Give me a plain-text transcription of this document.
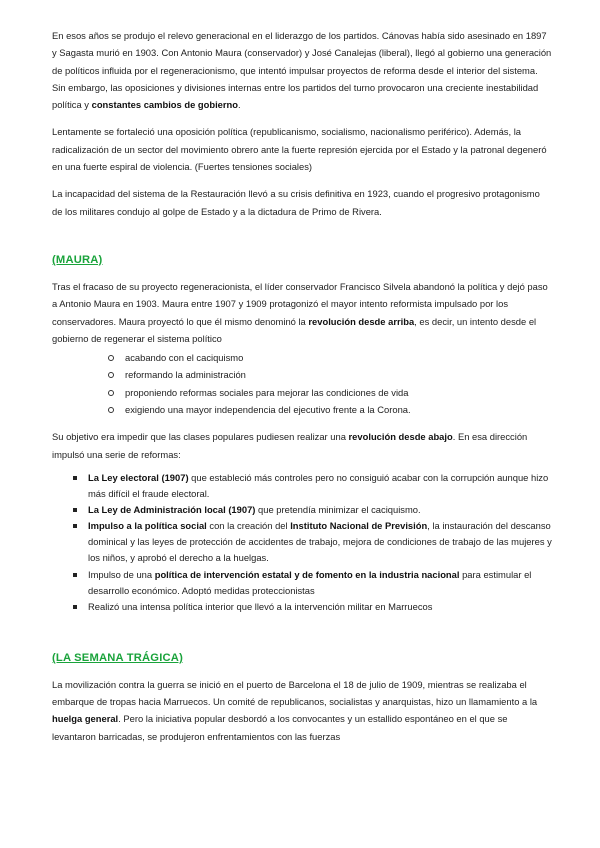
En esos años se produjo el relevo generacional en el liderazgo de los partidos. Cánovas había sido asesinado en 1897 y Sagasta murió en 1903. Con Antonio Maura (conservador) y José Canalejas (liberal), llegó al gobierno una generación de políticos influida por el regeneracionismo, que intentó impulsar proyectos de reforma desde el interior del sistema. Sin embargo, las oposiciones y divisiones internas entre los partidos del turno provocaron una creciente inestabilidad política y constantes cambios de gobierno.

Lentamente se fortaleció una oposición política (republicanismo, socialismo, nacionalismo periférico). Además, la radicalización de un sector del movimiento obrero ante la fuerte represión ejercida por el Estado y la patronal degeneró en una fuerte espiral de violencia. (Fuertes tensiones sociales)

La incapacidad del sistema de la Restauración llevó a su crisis definitiva en 1923, cuando el progresivo protagonismo de los militares condujo al golpe de Estado y a la dictadura de Primo de Rivera.

(MAURA)

Tras el fracaso de su proyecto regeneracionista, el líder conservador Francisco Silvela abandonó la política y dejó paso a Antonio Maura en 1903. Maura entre 1907 y 1909 protagonizó el mayor intento reformista impulsado por los conservadores. Maura proyectó lo que él mismo denominó la revolución desde arriba, es decir, un intento desde el gobierno de regenerar el sistema político

acabando con el caciquismo
reformando la administración
proponiendo reformas sociales para mejorar las condiciones de vida
exigiendo una mayor independencia del ejecutivo frente a la Corona.

Su objetivo era impedir que las clases populares pudiesen realizar una revolución desde abajo. En esa dirección impulsó una serie de reformas:

La Ley electoral (1907) que estableció más controles pero no consiguió acabar con la corrupción aunque hizo más difícil el fraude electoral.
La Ley de Administración local (1907) que pretendía minimizar el caciquismo.
Impulso a la política social con la creación del Instituto Nacional de Previsión, la instauración del descanso dominical y las leyes de protección de accidentes de trabajo, mejora de condiciones de trabajo de las mujeres y los niños, y aprobó el derecho a la huelgas.
Impulso de una política de intervención estatal y de fomento en la industria nacional para estimular el desarrollo económico. Adoptó medidas proteccionistas
Realizó una intensa política interior que llevó a la intervención militar en Marruecos
(LA SEMANA TRÁGICA)

La movilización contra la guerra se inició en el puerto de Barcelona el 18 de julio de 1909, mientras se realizaba el embarque de tropas hacia Marruecos. Un comité de republicanos, socialistas y anarquistas, hizo un llamamiento a la huelga general. Pero la iniciativa popular desbordó a los convocantes y un estallido espontáneo en el que se levantaron barricadas, se produjeron enfrentamientos con las fuerzas
